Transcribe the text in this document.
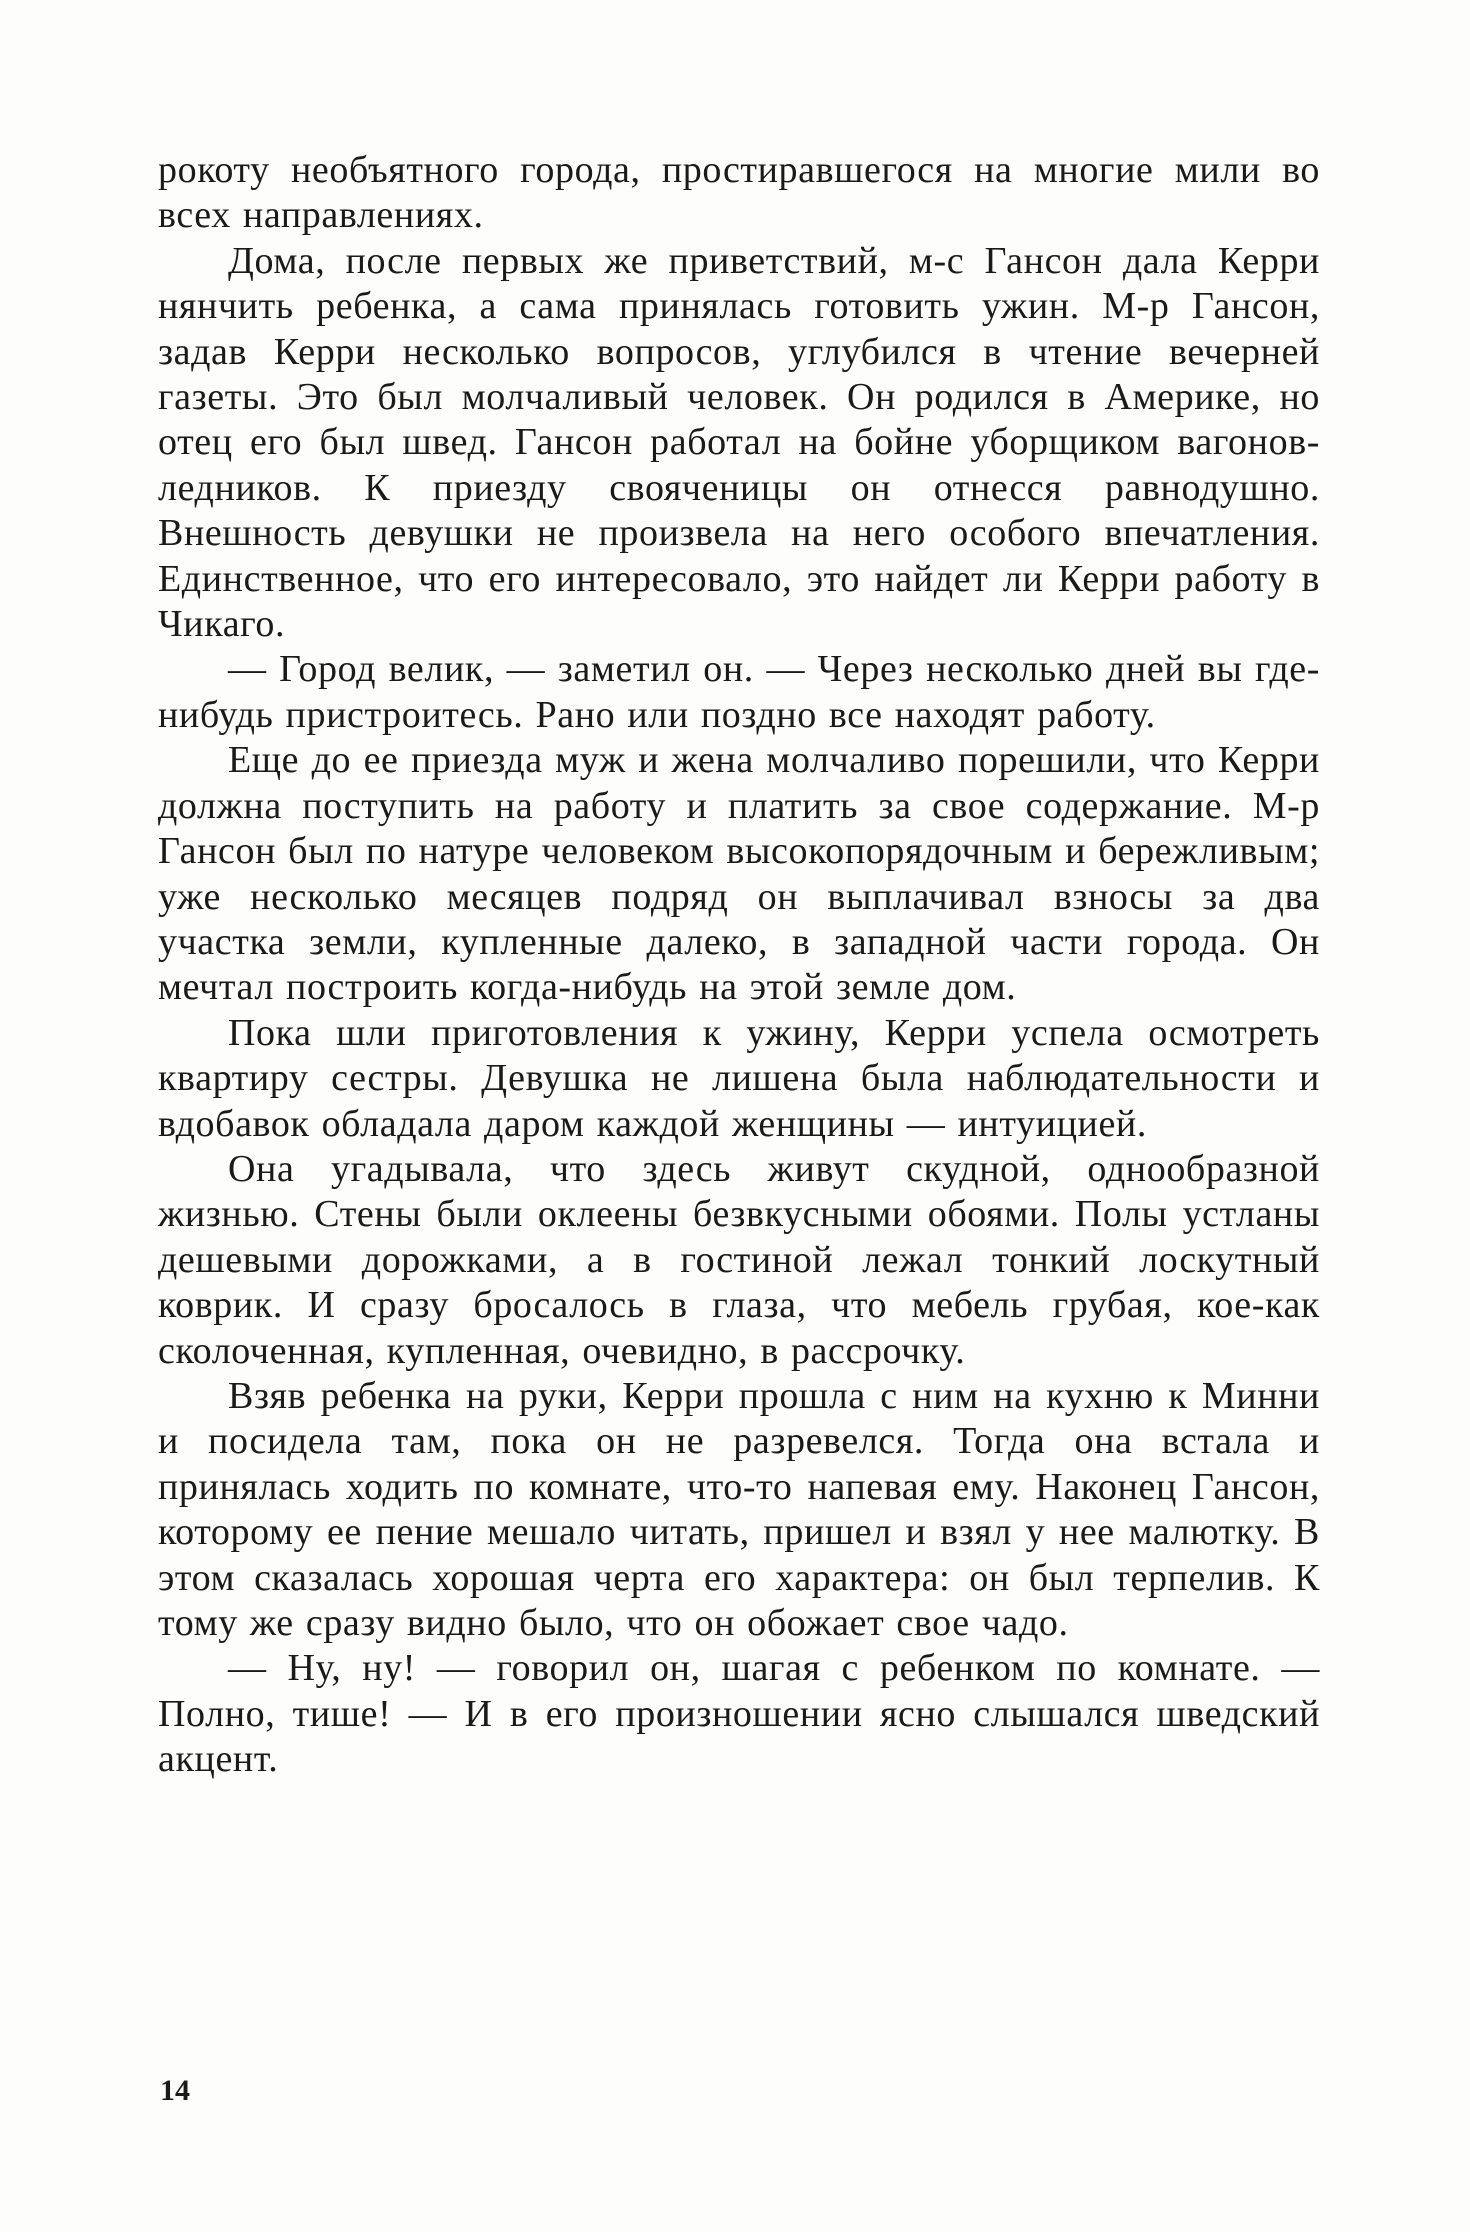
рокоту необъятного города, простиравшегося на многие мили во всех направлениях.

Дома, после первых же приветствий, м-с Гансон дала Керри нянчить ребенка, а сама принялась готовить ужин. М-р Гансон, задав Керри несколько вопросов, углубился в чтение вечерней газеты. Это был молчаливый человек. Он родился в Америке, но отец его был швед. Гансон работал на бойне уборщиком вагонов-ледников. К приезду свояченицы он отнесся равнодушно. Внешность девушки не произвела на него особого впечатления. Единственное, что его интересовало, это найдет ли Керри работу в Чикаго.

— Город велик, — заметил он. — Через несколько дней вы где-нибудь пристроитесь. Рано или поздно все находят работу.

Еще до ее приезда муж и жена молчаливо порешили, что Керри должна поступить на работу и платить за свое содержание. М-р Гансон был по натуре человеком высокопорядочным и бережливым; уже несколько месяцев подряд он выплачивал взносы за два участка земли, купленные далеко, в западной части города. Он мечтал построить когда-нибудь на этой земле дом.

Пока шли приготовления к ужину, Керри успела осмотреть квартиру сестры. Девушка не лишена была наблюдательности и вдобавок обладала даром каждой женщины — интуицией.

Она угадывала, что здесь живут скудной, однообразной жизнью. Стены были оклеены безвкусными обоями. Полы устланы дешевыми дорожками, а в гостиной лежал тонкий лоскутный коврик. И сразу бросалось в глаза, что мебель грубая, кое-как сколоченная, купленная, очевидно, в рассрочку.

Взяв ребенка на руки, Керри прошла с ним на кухню к Минни и посидела там, пока он не разревелся. Тогда она встала и принялась ходить по комнате, что-то напевая ему. Наконец Гансон, которому ее пение мешало читать, пришел и взял у нее малютку. В этом сказалась хорошая черта его характера: он был терпелив. К тому же сразу видно было, что он обожает свое чадо.

— Ну, ну! — говорил он, шагая с ребенком по комнате. — Полно, тише! — И в его произношении ясно слышался шведский акцент.

14
